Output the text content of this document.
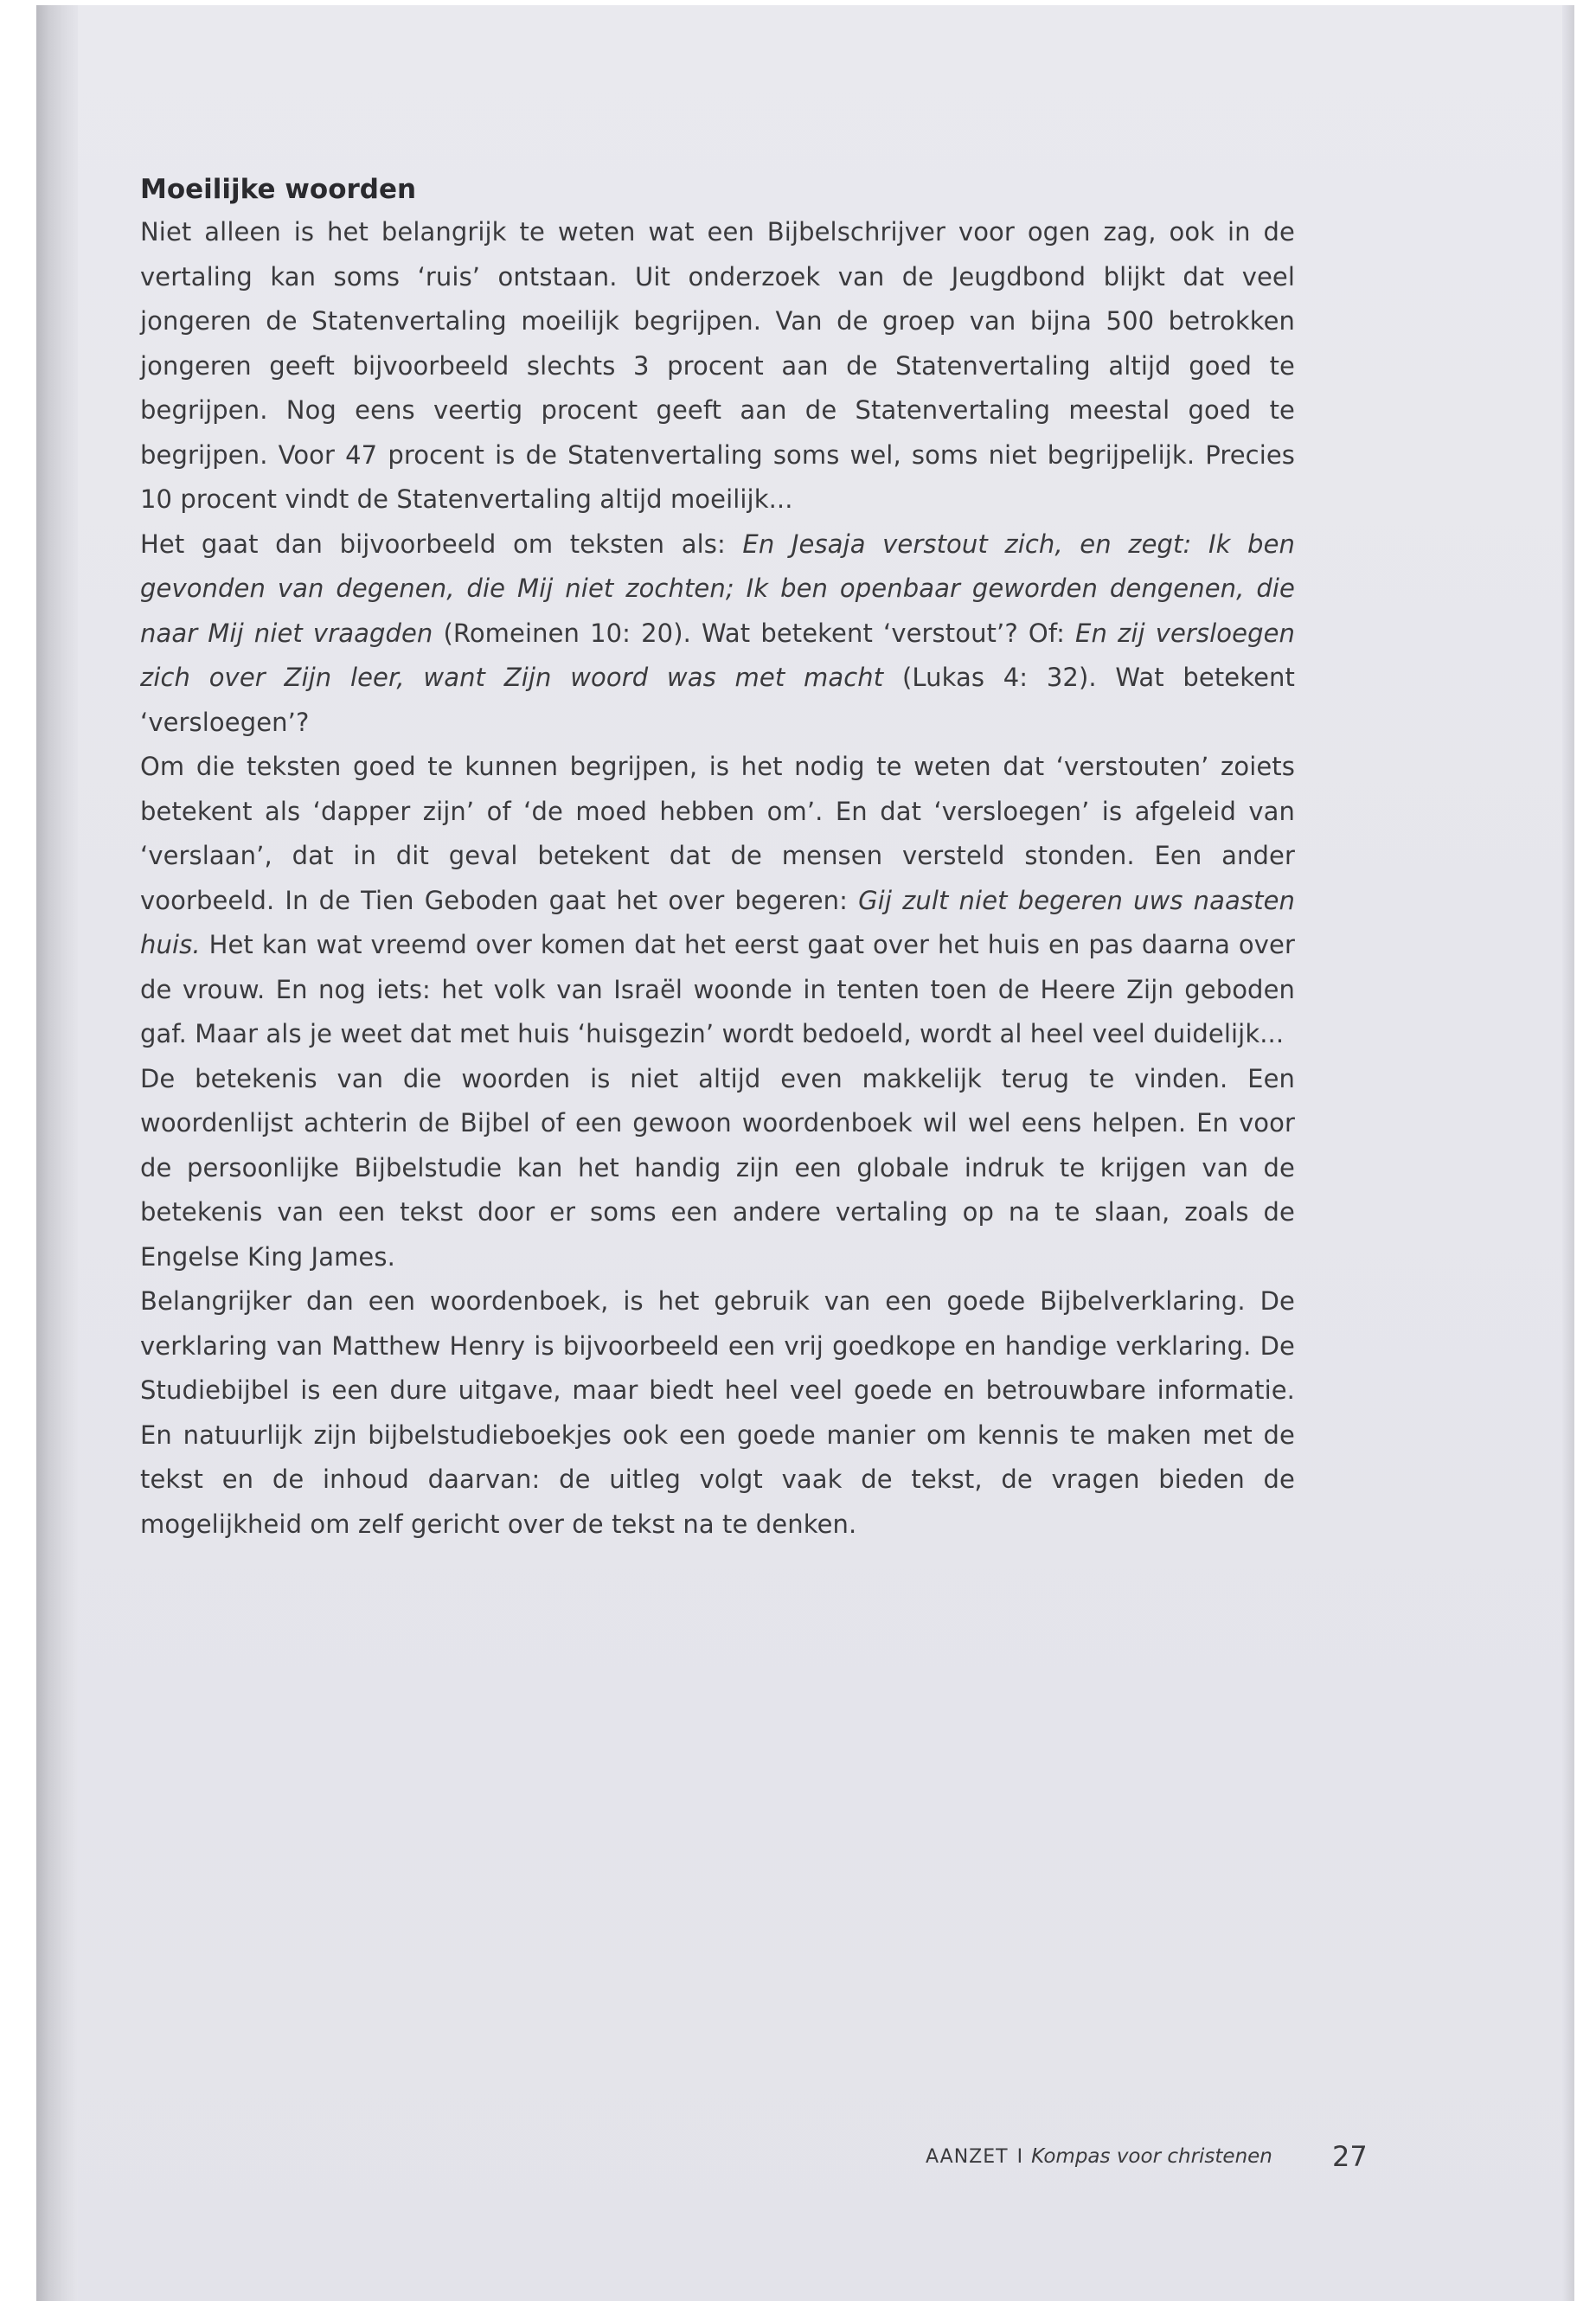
Moeilijke woorden

Niet alleen is het belangrijk te weten wat een Bijbelschrijver voor ogen zag, ook in de vertaling kan soms ‘ruis’ ontstaan. Uit onderzoek van de Jeugdbond blijkt dat veel jongeren de Statenvertaling moeilijk begrijpen. Van de groep van bijna 500 betrokken jongeren geeft bijvoorbeeld slechts 3 procent aan de Statenvertaling altijd goed te begrijpen. Nog eens veertig procent geeft aan de Statenvertaling meestal goed te begrijpen. Voor 47 procent is de Statenvertaling soms wel, soms niet begrijpelijk. Precies 10 procent vindt de Statenvertaling altijd moeilijk...

Het gaat dan bijvoorbeeld om teksten als: En Jesaja verstout zich, en zegt: Ik ben gevonden van degenen, die Mij niet zochten; Ik ben openbaar geworden dengenen, die naar Mij niet vraagden (Romeinen 10: 20). Wat betekent ‘verstout’? Of: En zij versloegen zich over Zijn leer, want Zijn woord was met macht (Lukas 4: 32). Wat betekent ‘versloegen’?

Om die teksten goed te kunnen begrijpen, is het nodig te weten dat ‘verstouten’ zoiets betekent als ‘dapper zijn’ of ‘de moed hebben om’. En dat ‘versloegen’ is afgeleid van ‘verslaan’, dat in dit geval betekent dat de mensen versteld stonden. Een ander voorbeeld. In de Tien Geboden gaat het over begeren: Gij zult niet begeren uws naasten huis. Het kan wat vreemd over komen dat het eerst gaat over het huis en pas daarna over de vrouw. En nog iets: het volk van Israël woonde in tenten toen de Heere Zijn geboden gaf. Maar als je weet dat met huis ‘huisgezin’ wordt bedoeld, wordt al heel veel duidelijk...

De betekenis van die woorden is niet altijd even makkelijk terug te vinden. Een woordenlijst achterin de Bijbel of een gewoon woordenboek wil wel eens helpen. En voor de persoonlijke Bijbelstudie kan het handig zijn een globale indruk te krijgen van de betekenis van een tekst door er soms een andere vertaling op na te slaan, zoals de Engelse King James.

Belangrijker dan een woordenboek, is het gebruik van een goede Bijbelverklaring. De verklaring van Matthew Henry is bijvoorbeeld een vrij goedkope en handige verklaring. De Studiebijbel is een dure uitgave, maar biedt heel veel goede en betrouwbare informatie. En natuurlijk zijn bijbelstudieboekjes ook een goede manier om kennis te maken met de tekst en de inhoud daarvan: de uitleg volgt vaak de tekst, de vragen bieden de mogelijkheid om zelf gericht over de tekst na te denken.

AANZET I Kompas voor christenen	27
